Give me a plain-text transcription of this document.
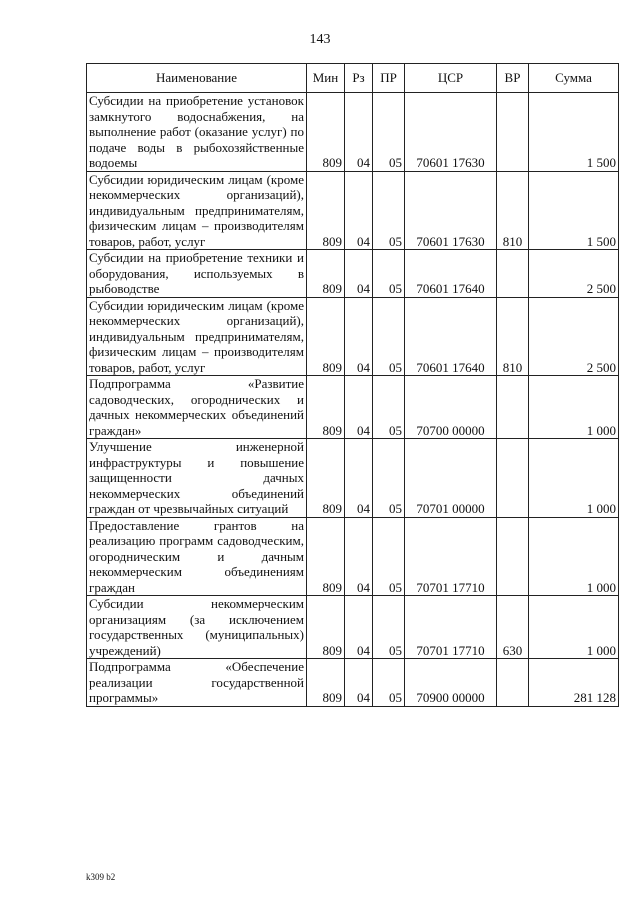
143
Наименование	Мин	Рз	ПР	ЦСР	ВР	Сумма
Субсидии на приобретение установок замкнутого водоснабжения, на выполнение работ (оказание услуг) по подаче воды в рыбохозяйственные водоемы	809	04	05	70601 17630		1 500
Субсидии юридическим лицам (кроме некоммерческих организаций), индивидуальным предпринимателям, физическим лицам – производителям товаров, работ, услуг	809	04	05	70601 17630	810	1 500
Субсидии на приобретение техники и оборудования, используемых в рыбоводстве	809	04	05	70601 17640		2 500
Субсидии юридическим лицам (кроме некоммерческих организаций), индивидуальным предпринимателям, физическим лицам – производителям товаров, работ, услуг	809	04	05	70601 17640	810	2 500
Подпрограмма «Развитие садоводческих, огороднических и дачных некоммерческих объединений граждан»	809	04	05	70700 00000		1 000
Улучшение инженерной инфраструктуры и повышение защищенности дачных некоммерческих объединений граждан от чрезвычайных ситуаций	809	04	05	70701 00000		1 000
Предоставление грантов на реализацию программ садоводческим, огородническим и дачным некоммерческим объединениям граждан	809	04	05	70701 17710		1 000
Субсидии некоммерческим организациям (за исключением государственных (муниципальных) учреждений)	809	04	05	70701 17710	630	1 000
Подпрограмма «Обеспечение реализации государственной программы»	809	04	05	70900 00000		281 128
k309 b2
